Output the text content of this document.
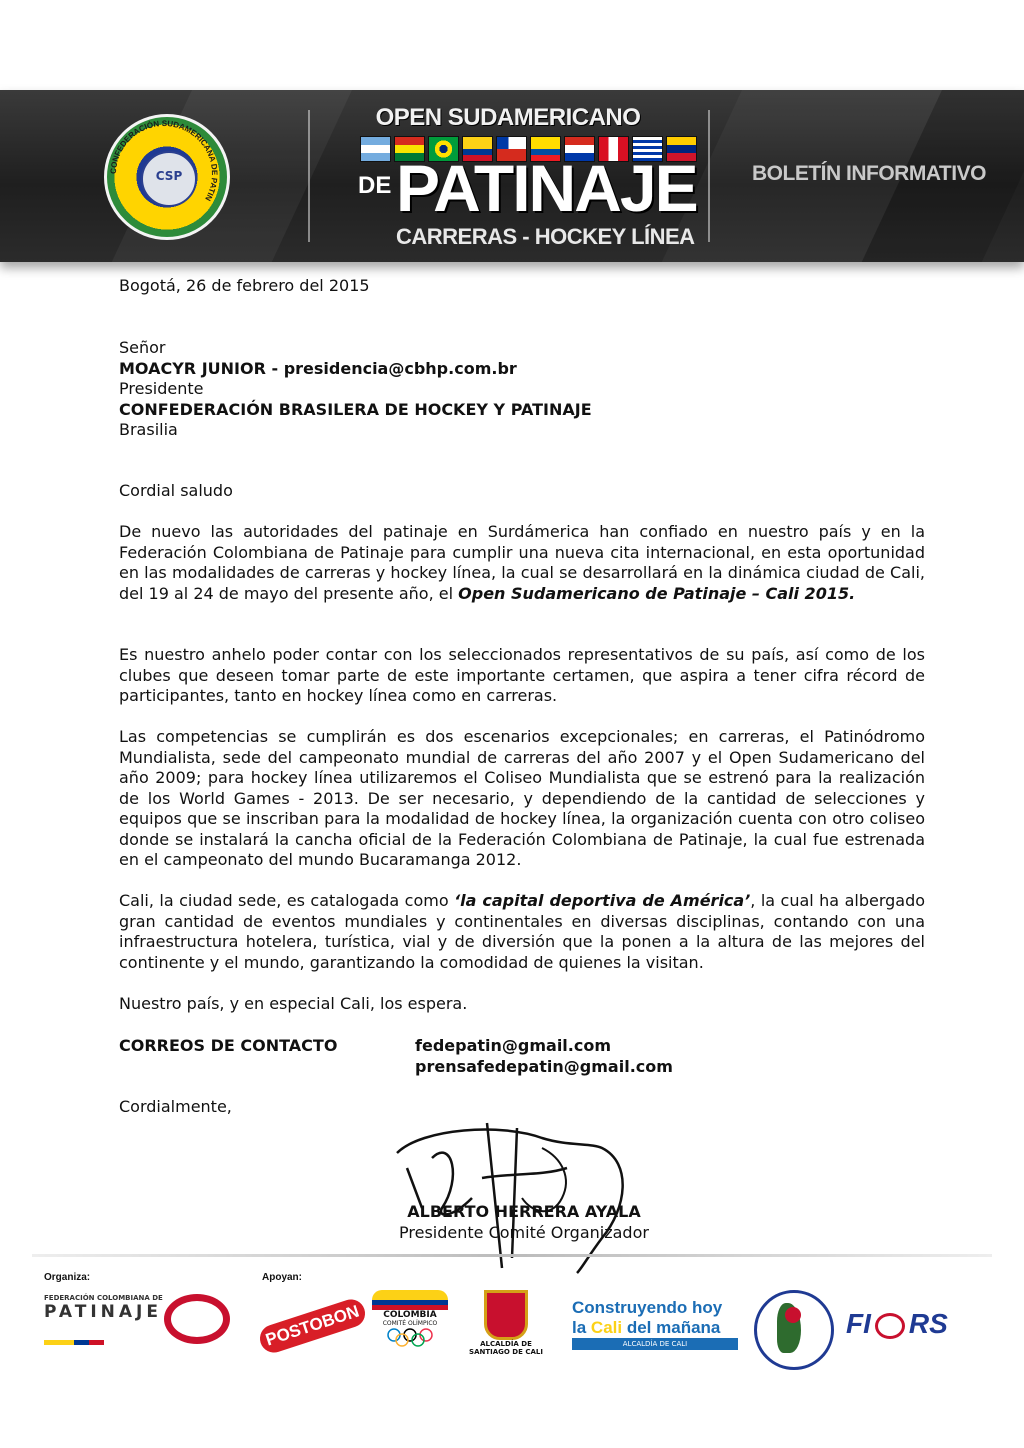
CONFEDERACIÓN SUDAMERICANA DE PATIN
CSP
OPEN SUDAMERICANO
DE PATINAJE
CARRERAS - HOCKEY LÍNEA
BOLETÍN INFORMATIVO
Bogotá, 26 de febrero del 2015
Señor
MOACYR JUNIOR - presidencia@cbhp.com.br
Presidente
CONFEDERACIÓN BRASILERA DE HOCKEY Y PATINAJE
Brasilia
Cordial saludo

De nuevo las autoridades del patinaje en Surdámerica han confiado en nuestro país y en la Federación Colombiana de Patinaje para cumplir una nueva cita internacional, en esta oportunidad en las modalidades de carreras y hockey línea, la cual se desarrollará en la dinámica ciudad de Cali, del 19 al 24 de mayo del presente año, el Open Sudamericano de Patinaje – Cali 2015.

Es nuestro anhelo poder contar con los seleccionados representativos de su país, así como de los clubes que deseen tomar parte de este importante certamen, que aspira a tener cifra récord de participantes, tanto en hockey línea como en carreras.

Las competencias se cumplirán es dos escenarios excepcionales; en carreras, el Patinódromo Mundialista, sede del campeonato mundial de carreras del año 2007 y el Open Sudamericano del año 2009; para hockey línea utilizaremos el Coliseo Mundialista que se estrenó para la realización de los World Games - 2013. De ser necesario, y dependiendo de la cantidad de selecciones y equipos que se inscriban para la modalidad de hockey línea, la organización cuenta con otro coliseo donde se instalará la cancha oficial de la Federación Colombiana de Patinaje, la cual fue estrenada en el campeonato del mundo Bucaramanga 2012.

Cali, la ciudad sede, es catalogada como ‘la capital deportiva de América’, la cual ha albergado gran cantidad de eventos mundiales y continentales en diversas disciplinas, contando con una infraestructura hotelera, turística, vial y de diversión que la ponen a la altura de las mejores del continente y el mundo, garantizando la comodidad de quienes la visitan.

Nuestro país, y en especial Cali, los espera.
CORREOS DE CONTACTO	fedepatin@gmail.com
prensafedepatin@gmail.com
Cordialmente,
ALBERTO HERRERA AYALA
Presidente Comité Organizador
Organiza:
FEDERACIÓN COLOMBIANA DE
PATINAJE
Apoyan:
POSTOBON	COLOMBIA
COMITÉ OLÍMPICO
ALCALDÍA DE
SANTIAGO DE CALI
Construyendo hoy
la Cali del mañana
ALCALDÍA DE CALI
FI RS
